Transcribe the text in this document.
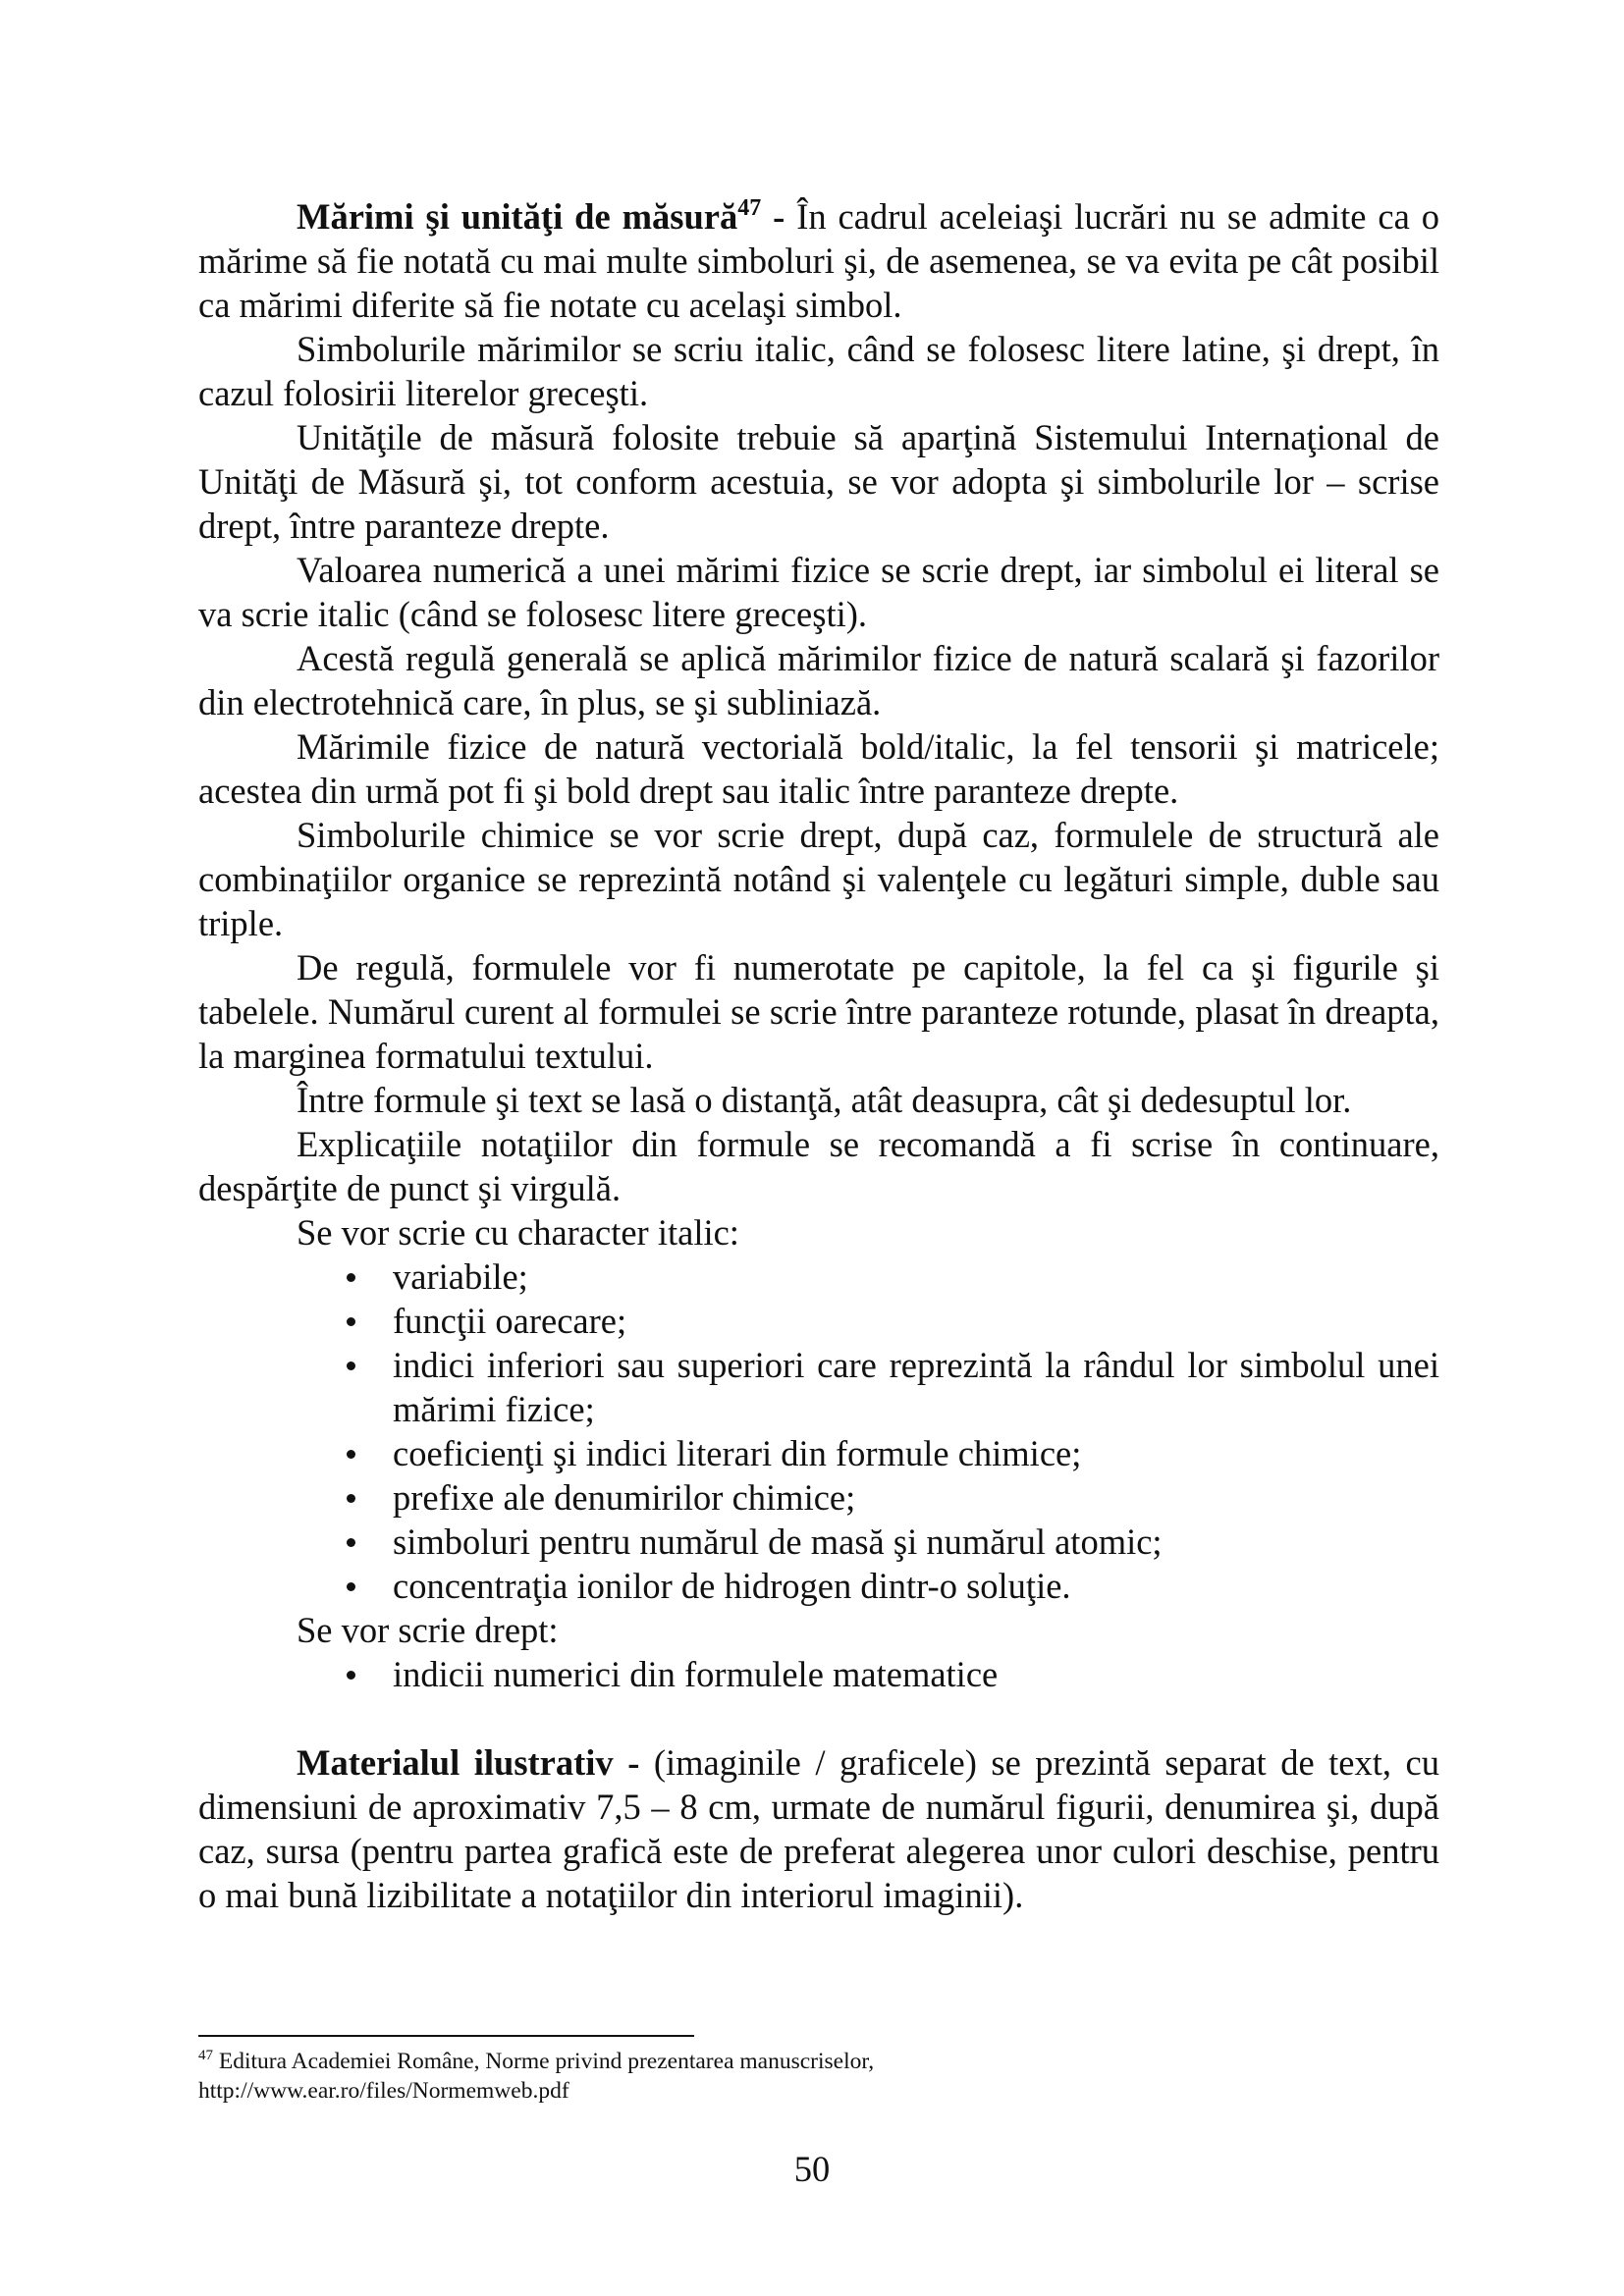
Mărimi şi unităţi de măsură$^{47}$ - În cadrul aceleiaşi lucrări nu se admite ca o mărime să fie notată cu mai multe simboluri şi, de asemenea, se va evita pe cât posibil ca mărimi diferite să fie notate cu acelaşi simbol.

Simbolurile mărimilor se scriu italic, când se folosesc litere latine, şi drept, în cazul folosirii literelor greceşti.

Unităţile de măsură folosite trebuie să aparţină Sistemului Internaţional de Unităţi de Măsură şi, tot conform acestuia, se vor adopta şi simbolurile lor – scrise drept, între paranteze drepte.

Valoarea numerică a unei mărimi fizice se scrie drept, iar simbolul ei literal se va scrie italic (când se folosesc litere greceşti).

Acestă regulă generală se aplică mărimilor fizice de natură scalară şi fazorilor din electrotehnică care, în plus, se şi subliniază.

Mărimile fizice de natură vectorială bold/italic, la fel tensorii şi matricele; acestea din urmă pot fi şi bold drept sau italic între paranteze drepte.

Simbolurile chimice se vor scrie drept, după caz, formulele de structură ale combinaţiilor organice se reprezintă notând şi valenţele cu legături simple, duble sau triple.

De regulă, formulele vor fi numerotate pe capitole, la fel ca şi figurile şi tabelele. Numărul curent al formulei se scrie între paranteze rotunde, plasat în dreapta, la marginea formatului textului.

Între formule şi text se lasă o distanţă, atât deasupra, cât şi dedesuptul lor.

Explicaţiile notaţiilor din formule se recomandă a fi scrise în continuare, despărţite de punct şi virgulă.

Se vor scrie cu character italic:

variabile;
funcţii oarecare;
indici inferiori sau superiori care reprezintă la rândul lor simbolul unei mărimi fizice;
coeficienţi şi indici literari din formule chimice;
prefixe ale denumirilor chimice;
simboluri pentru numărul de masă şi numărul atomic;
concentraţia ionilor de hidrogen dintr-o soluţie.

Se vor scrie drept:

indicii numerici din formulele matematice

Materialul ilustrativ - (imaginile / graficele) se prezintă separat de text, cu dimensiuni de aproximativ 7,5 – 8 cm, urmate de numărul figurii, denumirea şi, după caz, sursa (pentru partea grafică este de preferat alegerea unor culori deschise, pentru o mai bună lizibilitate a notaţiilor din interiorul imaginii).

$^{47}$ Editura Academiei Române, Norme privind prezentarea manuscriselor,
http://www.ear.ro/files/Normemweb.pdf
50
